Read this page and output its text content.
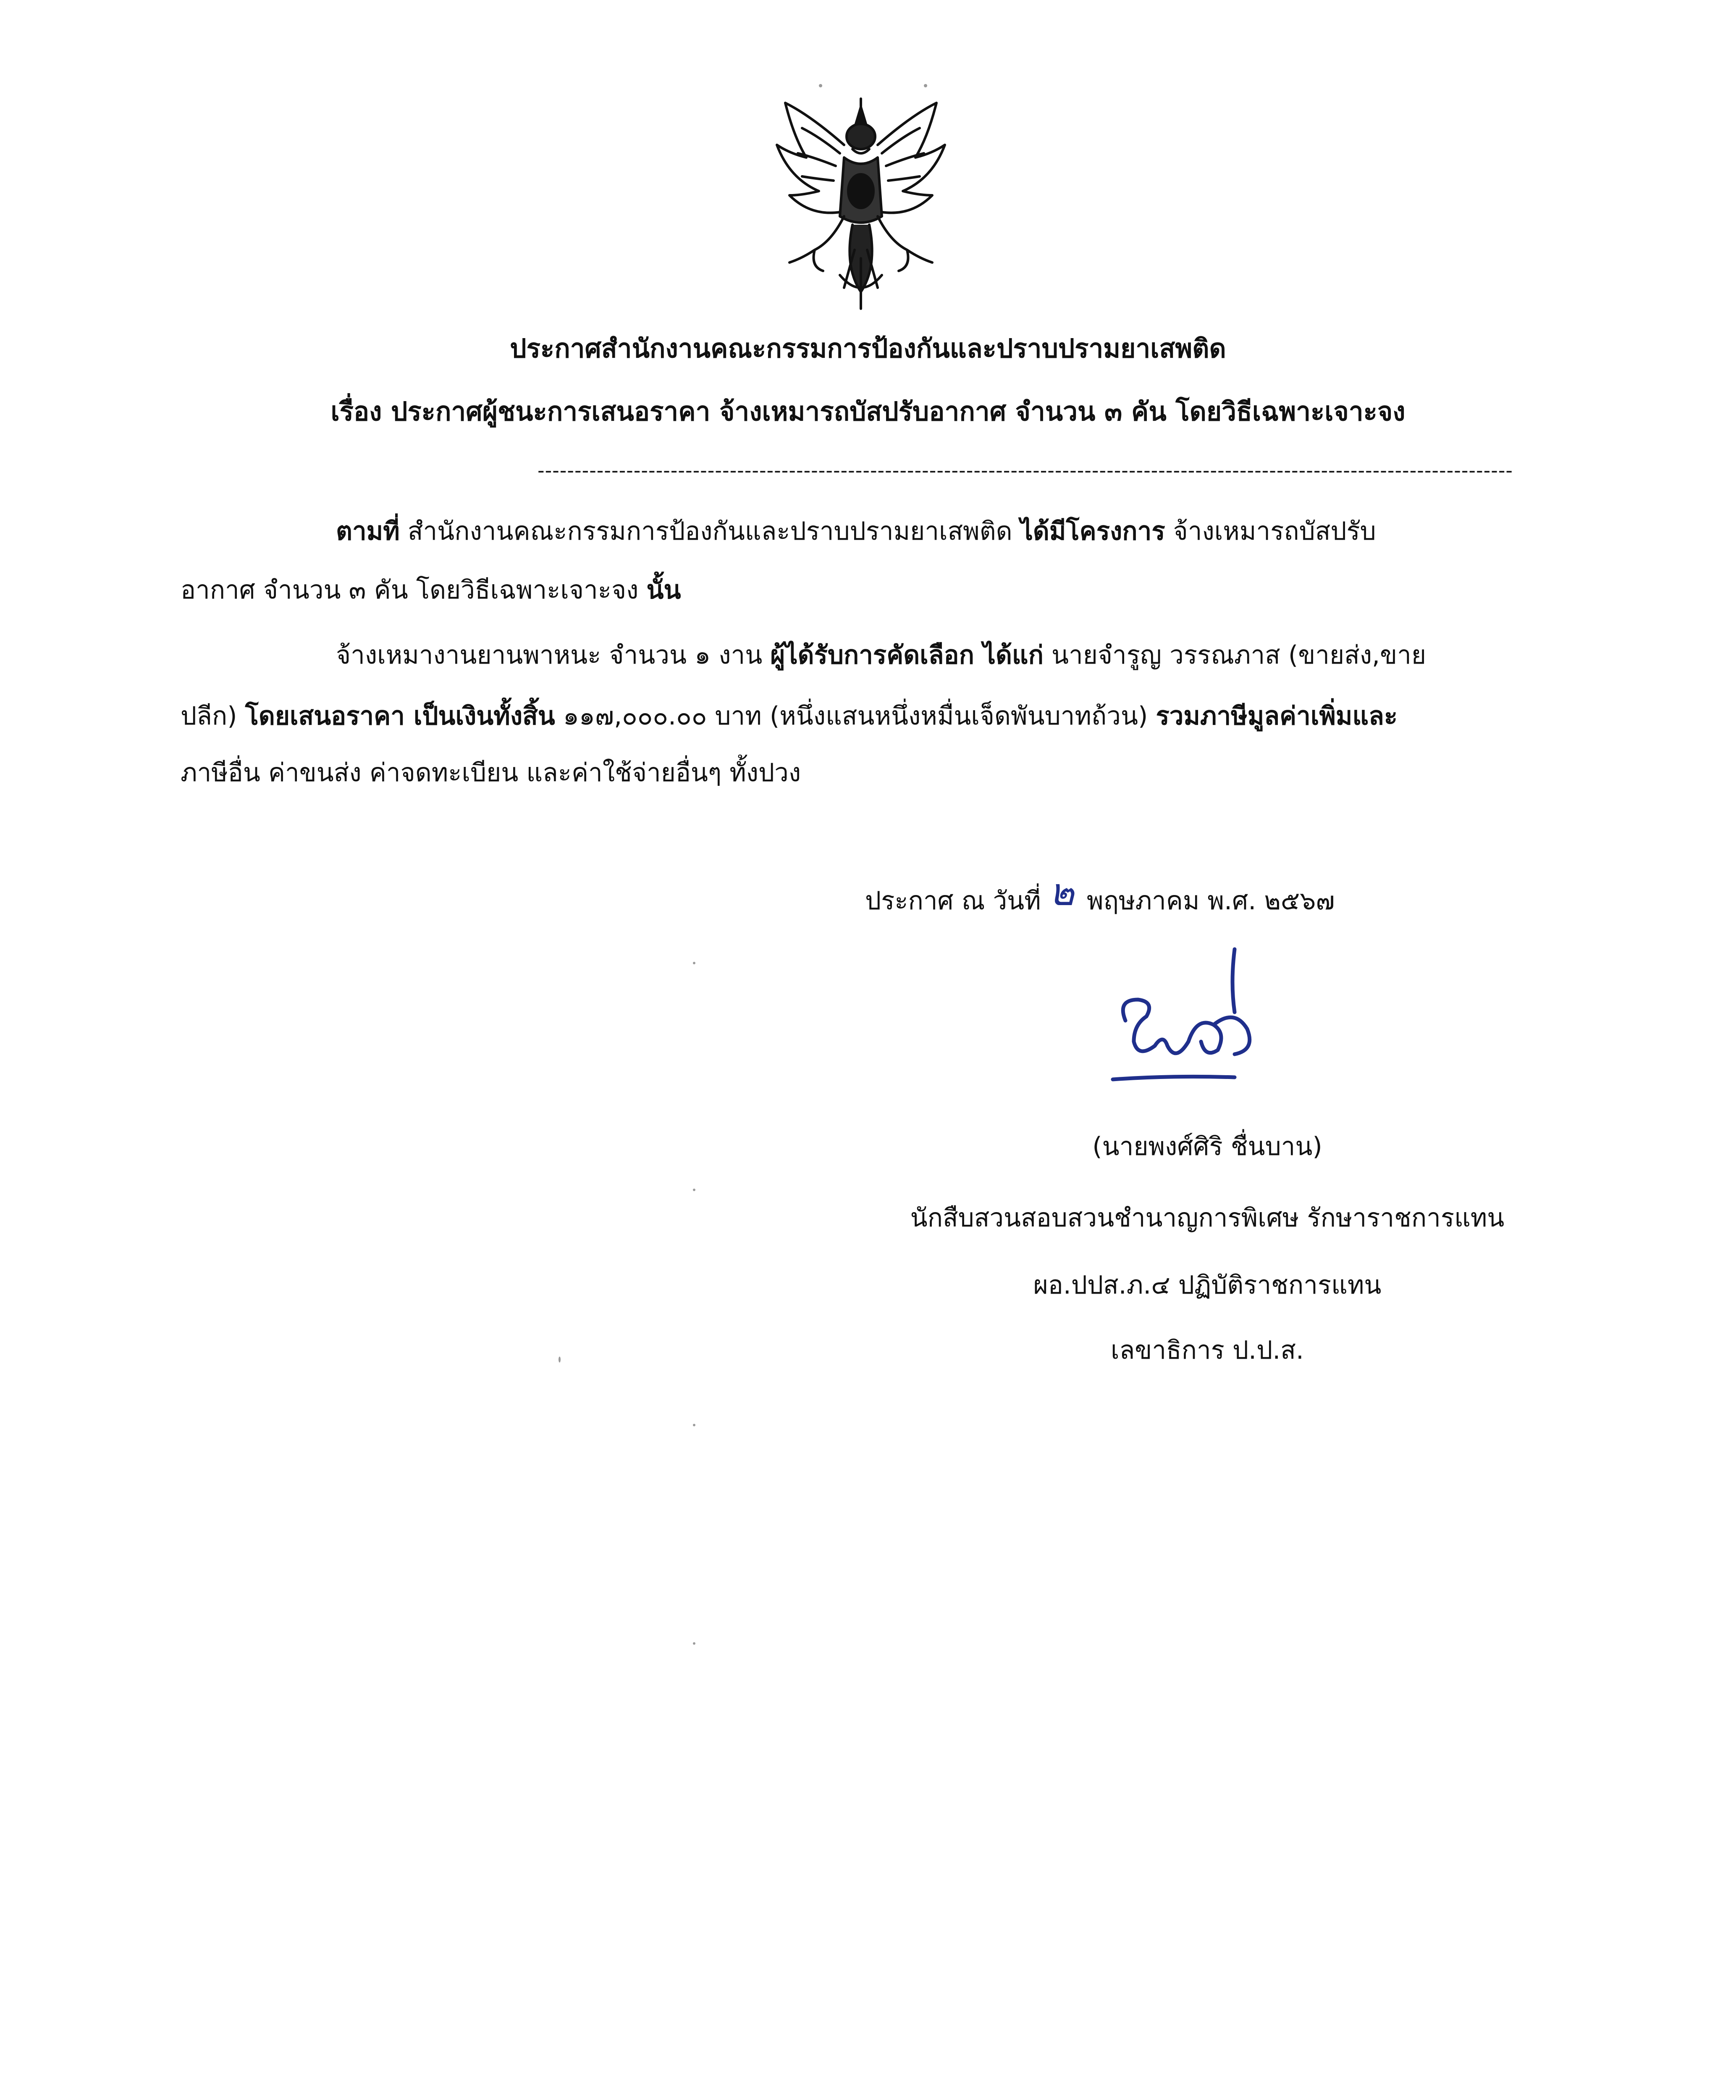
ประกาศสำนักงานคณะกรรมการป้องกันและปราบปรามยาเสพติด
เรื่อง ประกาศผู้ชนะการเสนอราคา จ้างเหมารถบัสปรับอากาศ จำนวน ๓ คัน โดยวิธีเฉพาะเจาะจง
------------------------------------------------------------------------------------------------------------------------------------
ตามที่ สำนักงานคณะกรรมการป้องกันและปราบปรามยาเสพติด ได้มีโครงการ จ้างเหมารถบัสปรับ
อากาศ จำนวน ๓ คัน โดยวิธีเฉพาะเจาะจง นั้น
จ้างเหมางานยานพาหนะ จำนวน ๑ งาน ผู้ได้รับการคัดเลือก ได้แก่ นายจำรูญ วรรณภาส (ขายส่ง,ขาย
ปลีก) โดยเสนอราคา เป็นเงินทั้งสิ้น ๑๑๗,๐๐๐.๐๐ บาท (หนึ่งแสนหนึ่งหมื่นเจ็ดพันบาทถ้วน) รวมภาษีมูลค่าเพิ่มและ
ภาษีอื่น ค่าขนส่ง ค่าจดทะเบียน และค่าใช้จ่ายอื่นๆ ทั้งปวง
ประกาศ ณ วันที่ ๒ พฤษภาคม พ.ศ. ๒๕๖๗
(นายพงศ์ศิริ ชื่นบาน)
นักสืบสวนสอบสวนชำนาญการพิเศษ รักษาราชการแทน
ผอ.ปปส.ภ.๔ ปฏิบัติราชการแทน
เลขาธิการ ป.ป.ส.
